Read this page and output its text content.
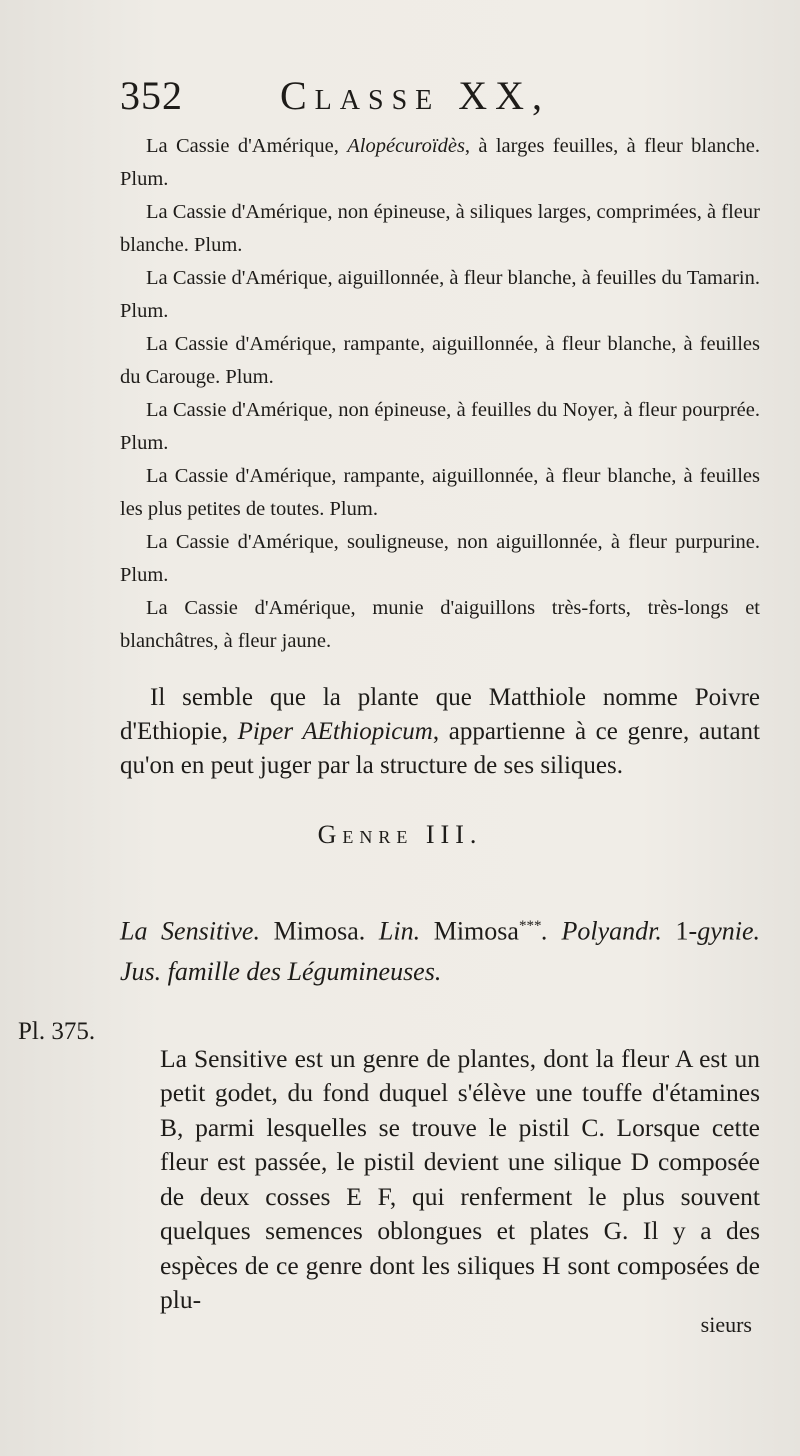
352 Classe XX,

La Cassie d'Amérique, Alopécuroïdès, à larges feuilles, à fleur blanche. Plum.

La Cassie d'Amérique, non épineuse, à siliques larges, comprimées, à fleur blanche. Plum.

La Cassie d'Amérique, aiguillonnée, à fleur blanche, à feuilles du Tamarin. Plum.

La Cassie d'Amérique, rampante, aiguillonnée, à fleur blanche, à feuilles du Carouge. Plum.

La Cassie d'Amérique, non épineuse, à feuilles du Noyer, à fleur pourprée. Plum.

La Cassie d'Amérique, rampante, aiguillonnée, à fleur blanche, à feuilles les plus petites de toutes. Plum.

La Cassie d'Amérique, souligneuse, non aiguillonnée, à fleur purpurine. Plum.

La Cassie d'Amérique, munie d'aiguillons très-forts, très-longs et blanchâtres, à fleur jaune.

Il semble que la plante que Matthiole nomme Poivre d'Ethiopie, Piper AEthiopicum, appartienne à ce genre, autant qu'on en peut juger par la structure de ses siliques.

Genre III.

La Sensitive. Mimosa. Lin. Mimosa***. Polyandr. 1-gynie. Jus. famille des Légumineuses.

Pl. 375.

La Sensitive est un genre de plantes, dont la fleur A est un petit godet, du fond duquel s'élève une touffe d'étamines B, parmi lesquelles se trouve le pistil C. Lorsque cette fleur est passée, le pistil devient une silique D composée de deux cosses E F, qui renferment le plus souvent quelques semences oblongues et plates G. Il y a des espèces de ce genre dont les siliques H sont composées de plu-

sieurs
